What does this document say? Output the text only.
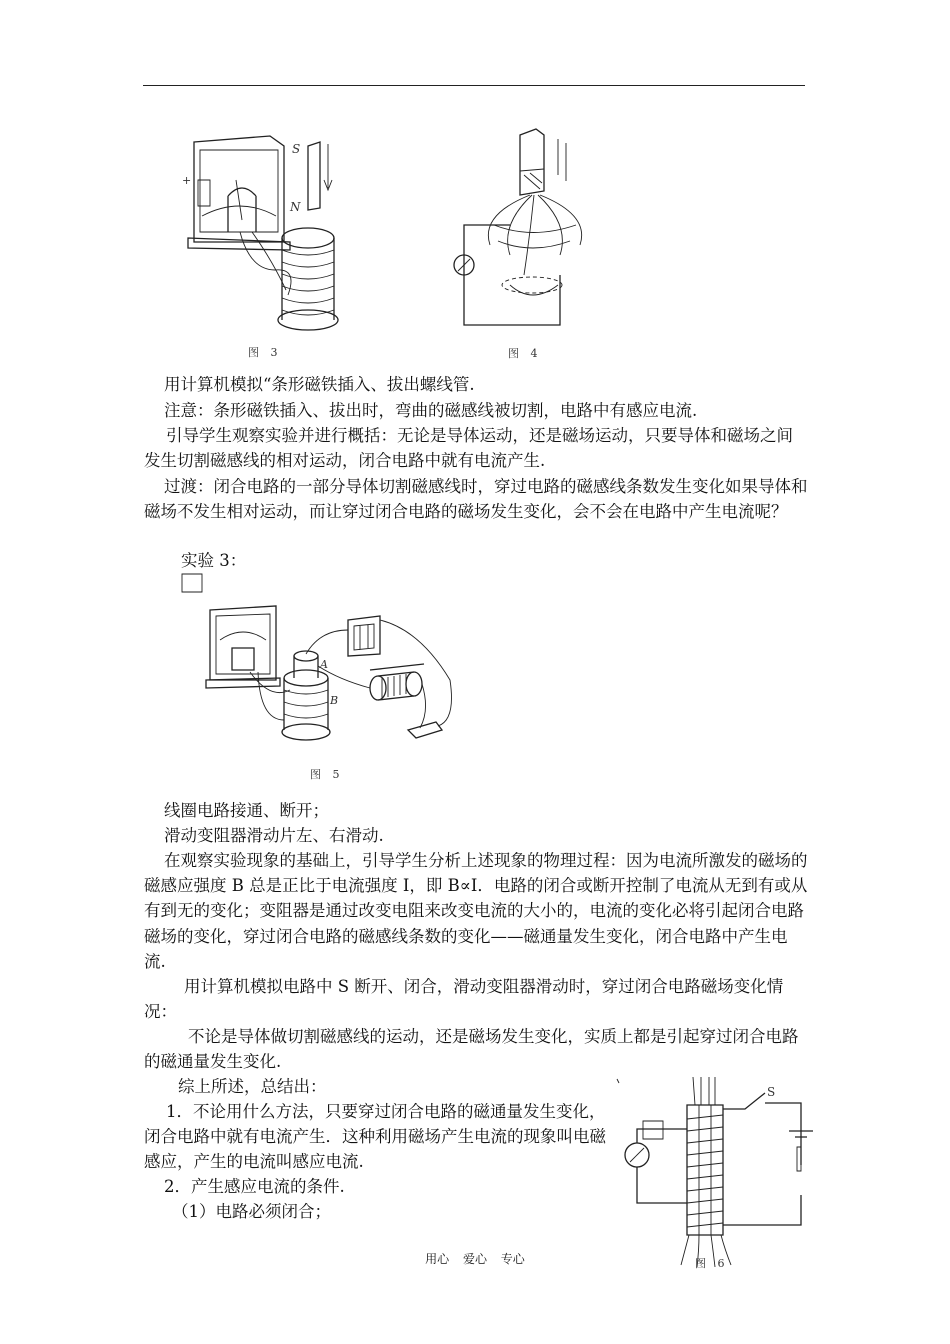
S
N
+
图 3	图 4
用计算机模拟“条形磁铁插入、拔出螺线管.
注意：条形磁铁插入、拔出时，弯曲的磁感线被切割，电路中有感应电流.
引导学生观察实验并进行概括：无论是导体运动，还是磁场运动，只要导体和磁场之间发生切割磁感线的相对运动，闭合电路中就有电流产生.
过渡：闭合电路的一部分导体切割磁感线时，穿过电路的磁感线条数发生变化如果导体和磁场不发生相对运动，而让穿过闭合电路的磁场发生变化，会不会在电路中产生电流呢？
实验 3：
A
B
图 5
线圈电路接通、断开；
滑动变阻器滑动片左、右滑动.
在观察实验现象的基础上，引导学生分析上述现象的物理过程：因为电流所激发的磁场的磁感应强度 B 总是正比于电流强度 I，即 B∝I．电路的闭合或断开控制了电流从无到有或从有到无的变化；变阻器是通过改变电阻来改变电流的大小的，电流的变化必将引起闭合电路磁场的变化，穿过闭合电路的磁感线条数的变化——磁通量发生变化，闭合电路中产生电流.
用计算机模拟电路中 S 断开、闭合，滑动变阻器滑动时，穿过闭合电路磁场变化情况：
不论是导体做切割磁感线的运动，还是磁场发生变化，实质上都是引起穿过闭合电路的磁通量发生变化.
综上所述，总结出：
1．不论用什么方法，只要穿过闭合电路的磁通量发生变化，闭合电路中就有电流产生．这种利用磁场产生电流的现象叫电磁感应，产生的电流叫感应电流.
2．产生感应电流的条件.
（1）电路必须闭合；
S
图 6
用心 爱心 专心
